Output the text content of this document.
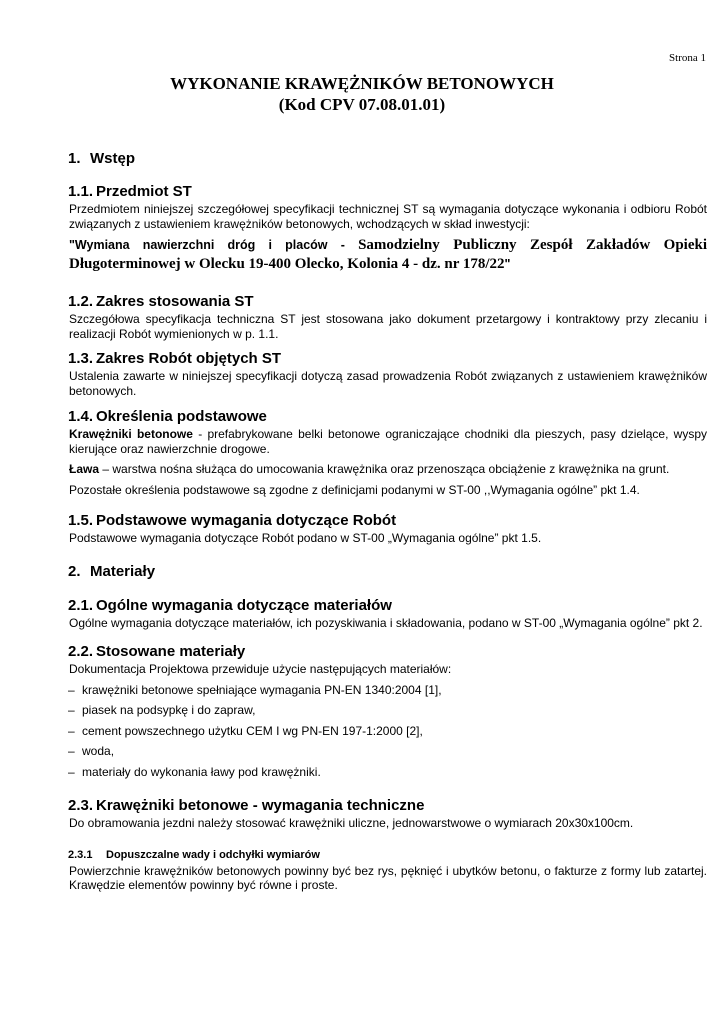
Strona 1
WYKONANIE KRAWĘŻNIKÓW BETONOWYCH
(Kod CPV 07.08.01.01)
1. Wstęp
1.1. Przedmiot ST

Przedmiotem niniejszej szczegółowej specyfikacji technicznej ST są wymagania dotyczące wykonania i odbioru Robót związanych z ustawieniem krawężników betonowych, wchodzących w skład inwestycji:

"Wymiana nawierzchni dróg i placów - Samodzielny Publiczny Zespół Zakładów Opieki Długoterminowej w Olecku 19-400 Olecko, Kolonia 4 - dz. nr 178/22"
1.2. Zakres stosowania ST

Szczegółowa specyfikacja techniczna ST jest stosowana jako dokument przetargowy i kontraktowy przy zlecaniu i realizacji Robót wymienionych w p. 1.1.

1.3. Zakres Robót objętych ST

Ustalenia zawarte w niniejszej specyfikacji dotyczą zasad prowadzenia Robót związanych z ustawieniem krawężników betonowych.

1.4. Określenia podstawowe

Krawężniki betonowe - prefabrykowane belki betonowe ograniczające chodniki dla pieszych, pasy dzielące, wyspy kierujące oraz nawierzchnie drogowe.

Ława – warstwa nośna służąca do umocowania krawężnika oraz przenosząca obciążenie z krawężnika na grunt.

Pozostałe określenia podstawowe są zgodne z definicjami podanymi w ST-00 ,,Wymagania ogólne” pkt 1.4.

1.5. Podstawowe wymagania dotyczące Robót

Podstawowe wymagania dotyczące Robót podano w ST-00 „Wymagania ogólne” pkt 1.5.

2. Materiały
2.1. Ogólne wymagania dotyczące materiałów

Ogólne wymagania dotyczące materiałów, ich pozyskiwania i składowania, podano w ST-00 „Wymagania ogólne” pkt 2.

2.2. Stosowane materiały

Dokumentacja Projektowa przewiduje użycie następujących materiałów:

– krawężniki betonowe spełniające wymagania PN-EN 1340:2004 [1],
– piasek na podsypkę i do zapraw,
– cement powszechnego użytku CEM I wg PN-EN 197-1:2000 [2],
– woda,
– materiały do wykonania ławy pod krawężniki.
2.3. Krawężniki betonowe - wymagania techniczne

Do obramowania jezdni należy stosować krawężniki uliczne, jednowarstwowe o wymiarach 20x30x100cm.

2.3.1	Dopuszczalne wady i odchyłki wymiarów

Powierzchnie krawężników betonowych powinny być bez rys, pęknięć i ubytków betonu, o fakturze z formy lub zatartej. Krawędzie elementów powinny być równe i proste.
